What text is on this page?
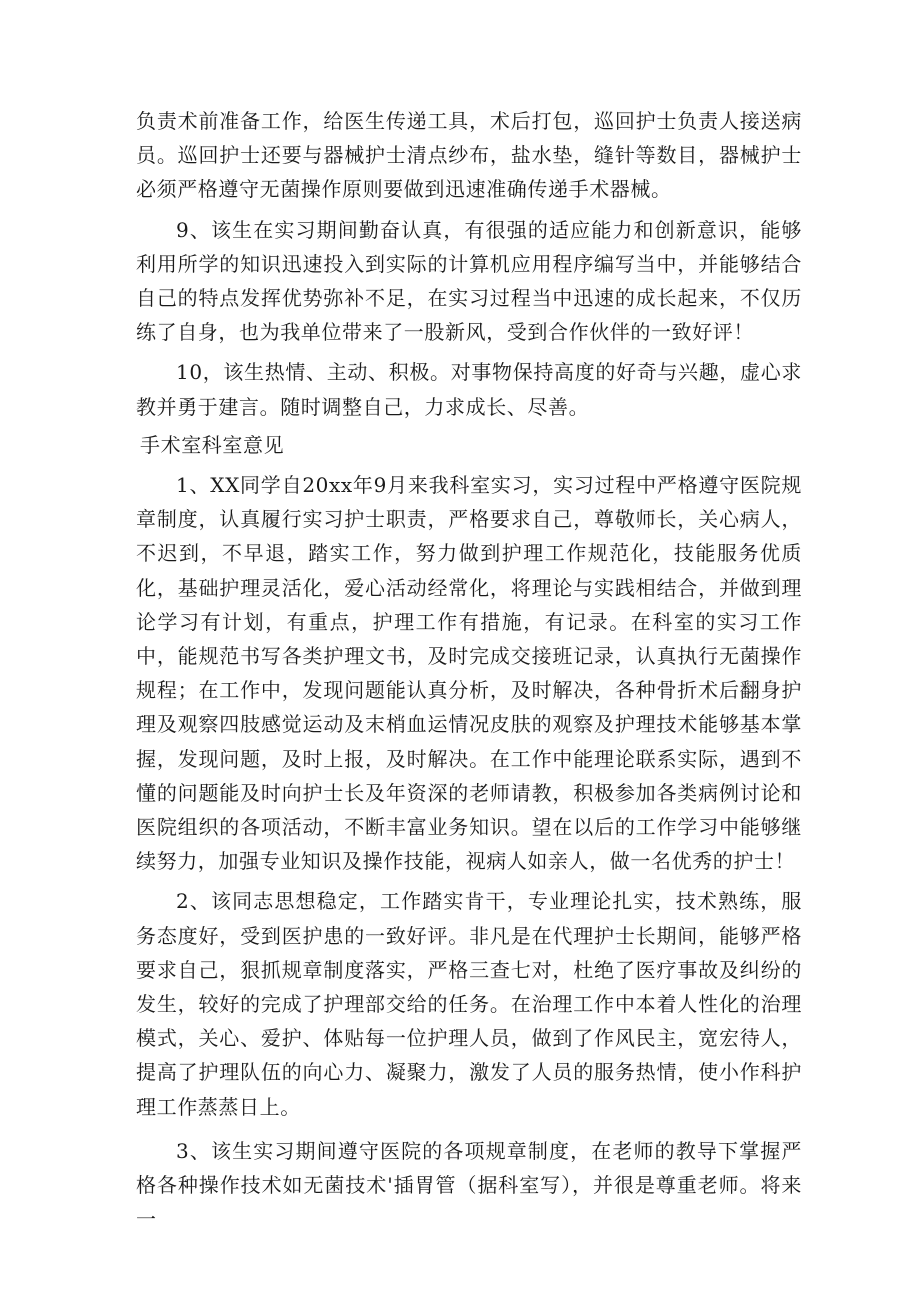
负责术前准备工作，给医生传递工具，术后打包，巡回护士负责人接送病员。巡回护士还要与器械护士清点纱布，盐水垫，缝针等数目，器械护士必须严格遵守无菌操作原则要做到迅速准确传递手术器械。

9、该生在实习期间勤奋认真，有很强的适应能力和创新意识，能够利用所学的知识迅速投入到实际的计算机应用程序编写当中，并能够结合自己的特点发挥优势弥补不足，在实习过程当中迅速的成长起来，不仅历练了自身，也为我单位带来了一股新风，受到合作伙伴的一致好评！

10，该生热情、主动、积极。对事物保持高度的好奇与兴趣，虚心求教并勇于建言。随时调整自己，力求成长、尽善。

手术室科室意见

1、XX同学自20xx年9月来我科室实习，实习过程中严格遵守医院规章制度，认真履行实习护士职责，严格要求自己，尊敬师长，关心病人，不迟到，不早退，踏实工作，努力做到护理工作规范化，技能服务优质化，基础护理灵活化，爱心活动经常化，将理论与实践相结合，并做到理论学习有计划，有重点，护理工作有措施，有记录。在科室的实习工作中，能规范书写各类护理文书，及时完成交接班记录，认真执行无菌操作规程；在工作中，发现问题能认真分析，及时解决，各种骨折术后翻身护理及观察四肢感觉运动及末梢血运情况皮肤的观察及护理技术能够基本掌握，发现问题，及时上报，及时解决。在工作中能理论联系实际，遇到不懂的问题能及时向护士长及年资深的老师请教，积极参加各类病例讨论和医院组织的各项活动，不断丰富业务知识。望在以后的工作学习中能够继续努力，加强专业知识及操作技能，视病人如亲人，做一名优秀的护士！

2、该同志思想稳定，工作踏实肯干，专业理论扎实，技术熟练，服务态度好，受到医护患的一致好评。非凡是在代理护士长期间，能够严格要求自己，狠抓规章制度落实，严格三查七对，杜绝了医疗事故及纠纷的发生，较好的完成了护理部交给的任务。在治理工作中本着人性化的治理模式，关心、爱护、体贴每一位护理人员，做到了作风民主，宽宏待人，提高了护理队伍的向心力、凝聚力，激发了人员的服务热情，使小作科护理工作蒸蒸日上。

3、该生实习期间遵守医院的各项规章制度，在老师的教导下掌握严格各种操作技术如无菌技术'插胃管（据科室写），并很是尊重老师。将来一
